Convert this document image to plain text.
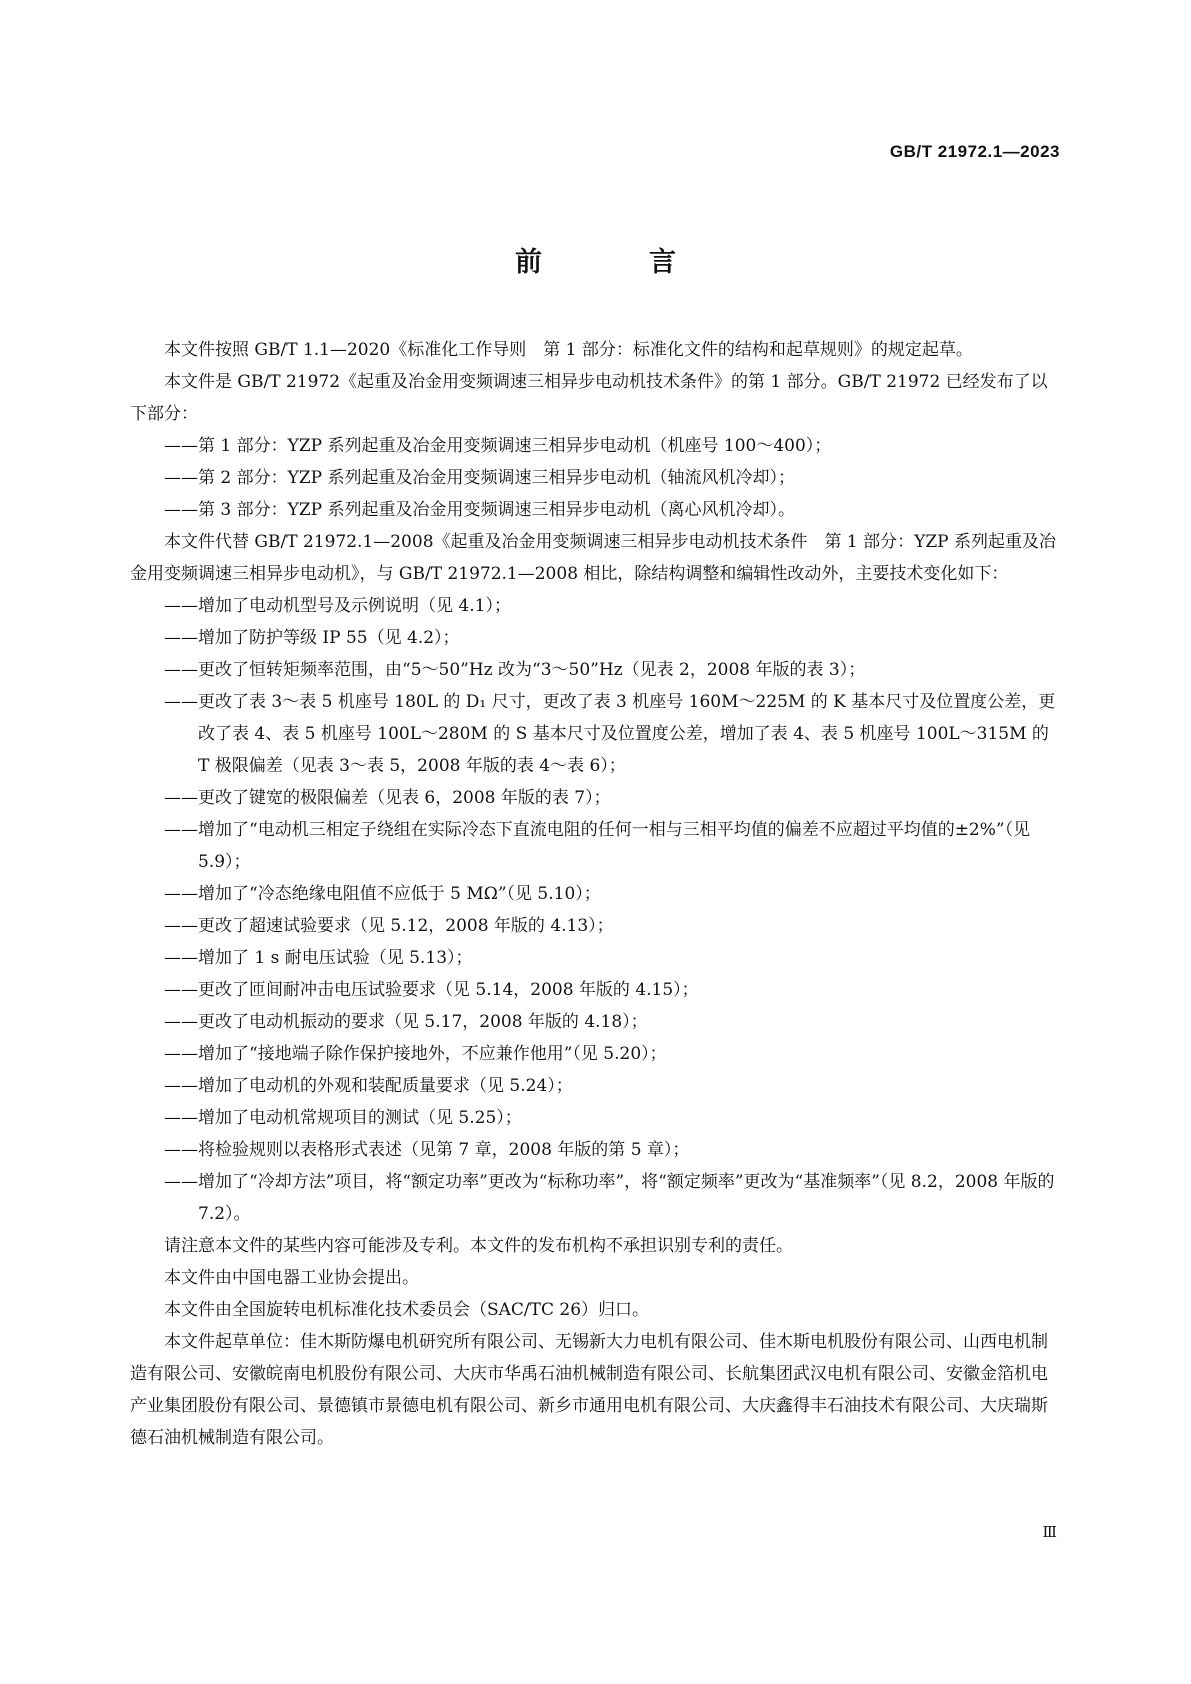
GB/T 21972.1—2023
前　言

本文件按照 GB/T 1.1—2020《标准化工作导则　第 1 部分：标准化文件的结构和起草规则》的规定起草。

本文件是 GB/T 21972《起重及冶金用变频调速三相异步电动机技术条件》的第 1 部分。GB/T 21972 已经发布了以下部分：

——第 1 部分：YZP 系列起重及冶金用变频调速三相异步电动机（机座号 100～400）；

——第 2 部分：YZP 系列起重及冶金用变频调速三相异步电动机（轴流风机冷却）；

——第 3 部分：YZP 系列起重及冶金用变频调速三相异步电动机（离心风机冷却）。

本文件代替 GB/T 21972.1—2008《起重及冶金用变频调速三相异步电动机技术条件　第 1 部分：YZP 系列起重及冶金用变频调速三相异步电动机》，与 GB/T 21972.1—2008 相比，除结构调整和编辑性改动外，主要技术变化如下：

——增加了电动机型号及示例说明（见 4.1）；

——增加了防护等级 IP 55（见 4.2）；

——更改了恒转矩频率范围，由“5～50”Hz 改为“3～50”Hz（见表 2，2008 年版的表 3）；

——更改了表 3～表 5 机座号 180L 的 D₁ 尺寸，更改了表 3 机座号 160M～225M 的 K 基本尺寸及位置度公差，更改了表 4、表 5 机座号 100L～280M 的 S 基本尺寸及位置度公差，增加了表 4、表 5 机座号 100L～315M 的 T 极限偏差（见表 3～表 5，2008 年版的表 4～表 6）；

——更改了键宽的极限偏差（见表 6，2008 年版的表 7）；

——增加了“电动机三相定子绕组在实际冷态下直流电阻的任何一相与三相平均值的偏差不应超过平均值的±2%”（见 5.9）；

——增加了“冷态绝缘电阻值不应低于 5 MΩ”（见 5.10）；

——更改了超速试验要求（见 5.12，2008 年版的 4.13）；

——增加了 1 s 耐电压试验（见 5.13）；

——更改了匝间耐冲击电压试验要求（见 5.14，2008 年版的 4.15）；

——更改了电动机振动的要求（见 5.17，2008 年版的 4.18）；

——增加了“接地端子除作保护接地外，不应兼作他用”（见 5.20）；

——增加了电动机的外观和装配质量要求（见 5.24）；

——增加了电动机常规项目的测试（见 5.25）；

——将检验规则以表格形式表述（见第 7 章，2008 年版的第 5 章）；

——增加了“冷却方法”项目，将“额定功率”更改为“标称功率”，将“额定频率”更改为“基准频率”（见 8.2，2008 年版的 7.2）。

请注意本文件的某些内容可能涉及专利。本文件的发布机构不承担识别专利的责任。

本文件由中国电器工业协会提出。

本文件由全国旋转电机标准化技术委员会（SAC/TC 26）归口。

本文件起草单位：佳木斯防爆电机研究所有限公司、无锡新大力电机有限公司、佳木斯电机股份有限公司、山西电机制造有限公司、安徽皖南电机股份有限公司、大庆市华禹石油机械制造有限公司、长航集团武汉电机有限公司、安徽金箔机电产业集团股份有限公司、景德镇市景德电机有限公司、新乡市通用电机有限公司、大庆鑫得丰石油技术有限公司、大庆瑞斯德石油机械制造有限公司。

Ⅲ
